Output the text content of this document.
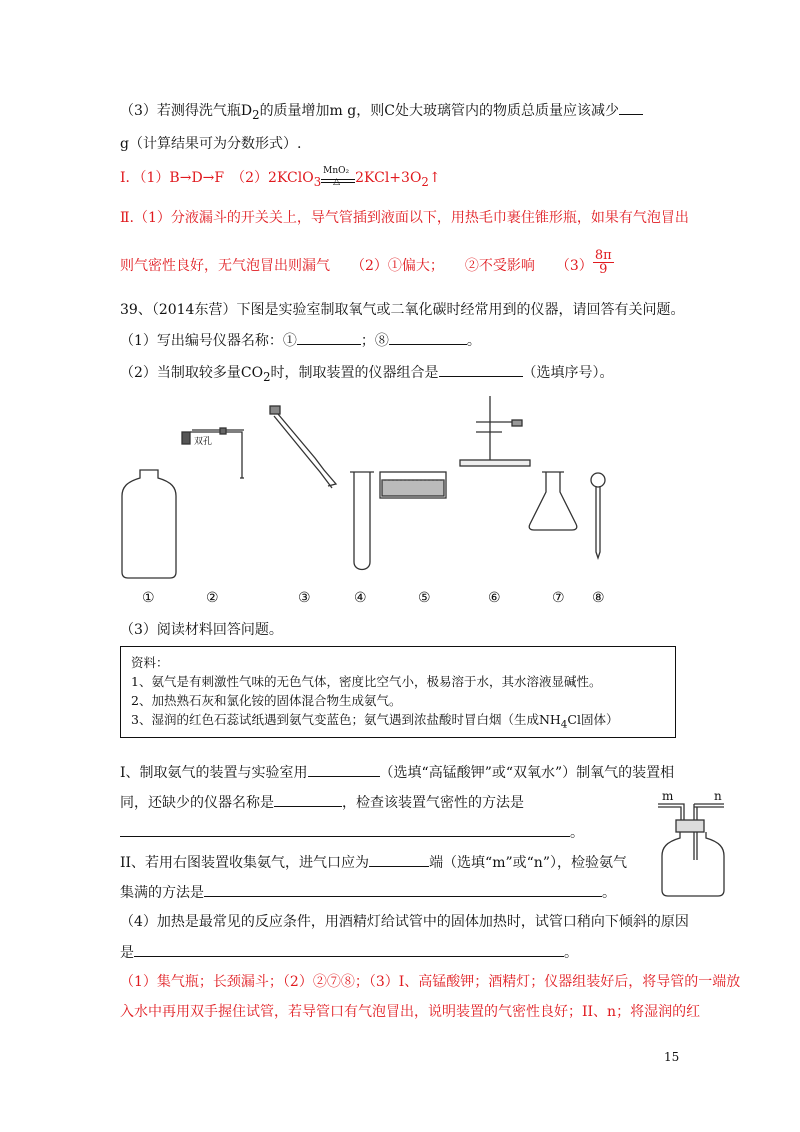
（3）若测得洗气瓶$D_2$的质量增加m g，则C处大玻璃管内的物质总质量应该减少
g（计算结果可为分数形式）.
Ⅰ．（1）B→D→F　（2）2KClO$_3$
MnO₂
△ $2KCl+3O_2↑$
Ⅱ.（1）分液漏斗的开关关上，导气管插到液面以下，用热毛巾裹住锥形瓶，如果有气泡冒出
则气密性良好，无气泡冒出则漏气　　（2）①偏大；　　②不受影响　　$(3) \frac{8\pi}{9}$
39、（2014东营）下图是实验室制取氧气或二氧化碳时经常用到的仪器，请回答有关问题。
（1）写出编号仪器名称：①	；⑧	。
（2）当制取较多量$CO_2$时，制取装置的仪器组合是	（选填序号）。
双孔
①	②	③	④	⑤	⑥	⑦ ⑧
（3）阅读材料回答问题。
资料：
1、氨气是有刺激性气味的无色气体，密度比空气小，极易溶于水，其水溶液显碱性。
2、加热熟石灰和氯化铵的固体混合物生成氨气。
3、湿润的红色石蕊试纸遇到氨气变蓝色；氨气遇到浓盐酸时冒白烟（生成$NH_4Cl$固体）
I、制取氨气的装置与实验室用	（选填“高锰酸钾”或“双氧水”）制氧气的装置相
同，还缺少的仪器名称是	，检查该装置气密性的方法是
。
m	n
II、若用右图装置收集氨气，进气口应为	端（选填“m”或“n”），检验氨气
集满的方法是	。
（4）加热是最常见的反应条件，用酒精灯给试管中的固体加热时，试管口稍向下倾斜的原因
是	。
（1）集气瓶；长颈漏斗；（2）②⑦⑧；（3）I、高锰酸钾；酒精灯；仪器组装好后，将导管的一端放
入水中再用双手握住试管，若导管口有气泡冒出，说明装置的气密性良好；II、n；将湿润的红
15
